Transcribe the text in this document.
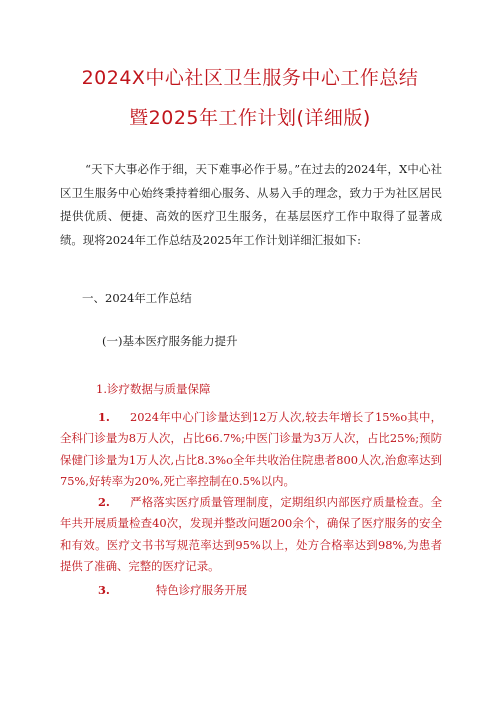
2024X中心社区卫生服务中心工作总结
暨2025年工作计划(详细版)

“天下大事必作于细，天下难事必作于易。”在过去的2024年，X中心社区卫生服务中心始终秉持着细心服务、从易入手的理念，致力于为社区居民提供优质、便捷、高效的医疗卫生服务，在基层医疗工作中取得了显著成绩。现将2024年工作总结及2025年工作计划详细汇报如下:

一、2024年工作总结

(一)基本医疗服务能力提升

1.诊疗数据与质量保障

1. 2024年中心门诊量达到12万人次,较去年增长了15%o其中，全科门诊量为8万人次，占比66.7%;中医门诊量为3万人次，占比25%;预防保健门诊量为1万人次,占比8.3%o全年共收治住院患者800人次,治愈率达到75%,好转率为20%,死亡率控制在0.5%以内。

2. 严格落实医疗质量管理制度，定期组织内部医疗质量检查。全年共开展质量检查40次，发现并整改问题200余个，确保了医疗服务的安全和有效。医疗文书书写规范率达到95%以上，处方合格率达到98%,为患者提供了准确、完整的医疗记录。

3.	特色诊疗服务开展
